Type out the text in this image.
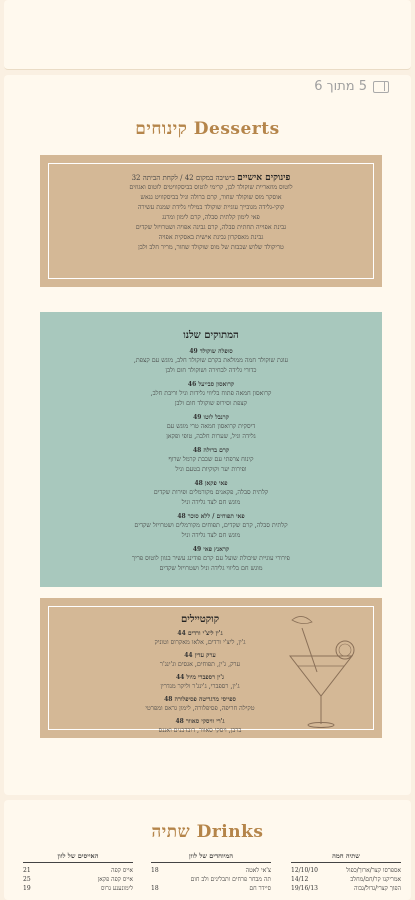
5 מתוך 6
קינוחים Desserts
פינוקים אישיים בישיבה במקום 42 / לקחת הביתה 32
לוטוס מוזאריית שוקולד לבן, קרימי לוטוס בביסקוויטים לוטוס ואגוזים
אוסקר מוס שוקולד שחור, קרם ברולה וניל בביסקוויט גנאש
קוקי-גלידה מגובייך עוגיית שוקולד במילוי גלידת שמנת עשירה
פאי לימון קלתית סבלה, קרם לימון ומרנג
גבינת אפוייה תחתית סבלה, קרם גבינה אפויה ושטרויזל שקדים
גבינת מאסקרון גבינת אישית באסקית אפויה
טריקולד שלוש שכבות של מוס שוקולד שחור, מריר חלב ולבן
המתוקים שלנו
סופלה שוקולד 49
עוגת שוקולד חמה ממולאת בקרם שוקולד חלב, מוגש עם קצפת,
כדורי גלידה לבחירה ושוקולד חום ולבן
קרואסון סבייעל 46
קרואסון חמאה פתוח בליווי גלידות וניל וריבת חלב,
קצפת וסירופ שוקולד חום ולבן
קרנבל לוטו 49
דיסקית קרואסון חמאה טרי מוגש עם
גלידה וניל, שערות חלבה, טופי ופקאן
קרם ברולה 48
קינוח צרפתי עם שכבת קרמל שרוף
ופירות יער וקוקיות בטעם וניל
פאי פקאן 48
קלתית סבלה, פקאנים מקורמלים ופירות שקדים
מוגש חם לצד גלידה וניל
פאי תפוחים / ללא סוכר 48
קלתית סבלה, קרם שקדים, תפוחים מקורמלים ושטרויזל שקדים
מוגש חם לצד גלידה וניל
קראנץ פאי 49
פירורי עוגיית שיבולת שועל עם קרם פודינג עשיר בגוון לוטוס פריך
מוגש חם בליווי גלידה וניל ושטרויזל שקדים
קוקטיילים
ג'ין ליצ'י ורדים 44
ג'ין, ליצ'י ורדים, אלאו מאקרוס וטוניק
ערק עדין 44
ערק, ג'ין, תפוחים, אגסים וג'ינג'ר
ג'ין רספברי מיול 44
ג'ין, רספברי, ג'ינג'ר וליקר מנדרין
ספייסי מרגריטה פסיפלורה 48
טקילה חריפה, פסיפלורה, לימון גראס ומפרטי
ג'רי וויסקי סאוור 48
ברבן, ויסקי סאוור, דובדבנים ואננס
שתיה Drinks
שתיה חמה
אספרסו קצר/ארוך/כפול
12/10/10
אמריקנו קר/חם/מחלב
14/12
הפוך קצרי/גדול/גבוה
19/16/13
המיוחדים של לוון
צ'אי לאטה
18
תה מבחר פרחים ותבלינים ולב חום
סיידר חם
18
האייסים של לוון
אייס קפה
21
אייס קפה פקאן
25
לימונענע גרוס
19
